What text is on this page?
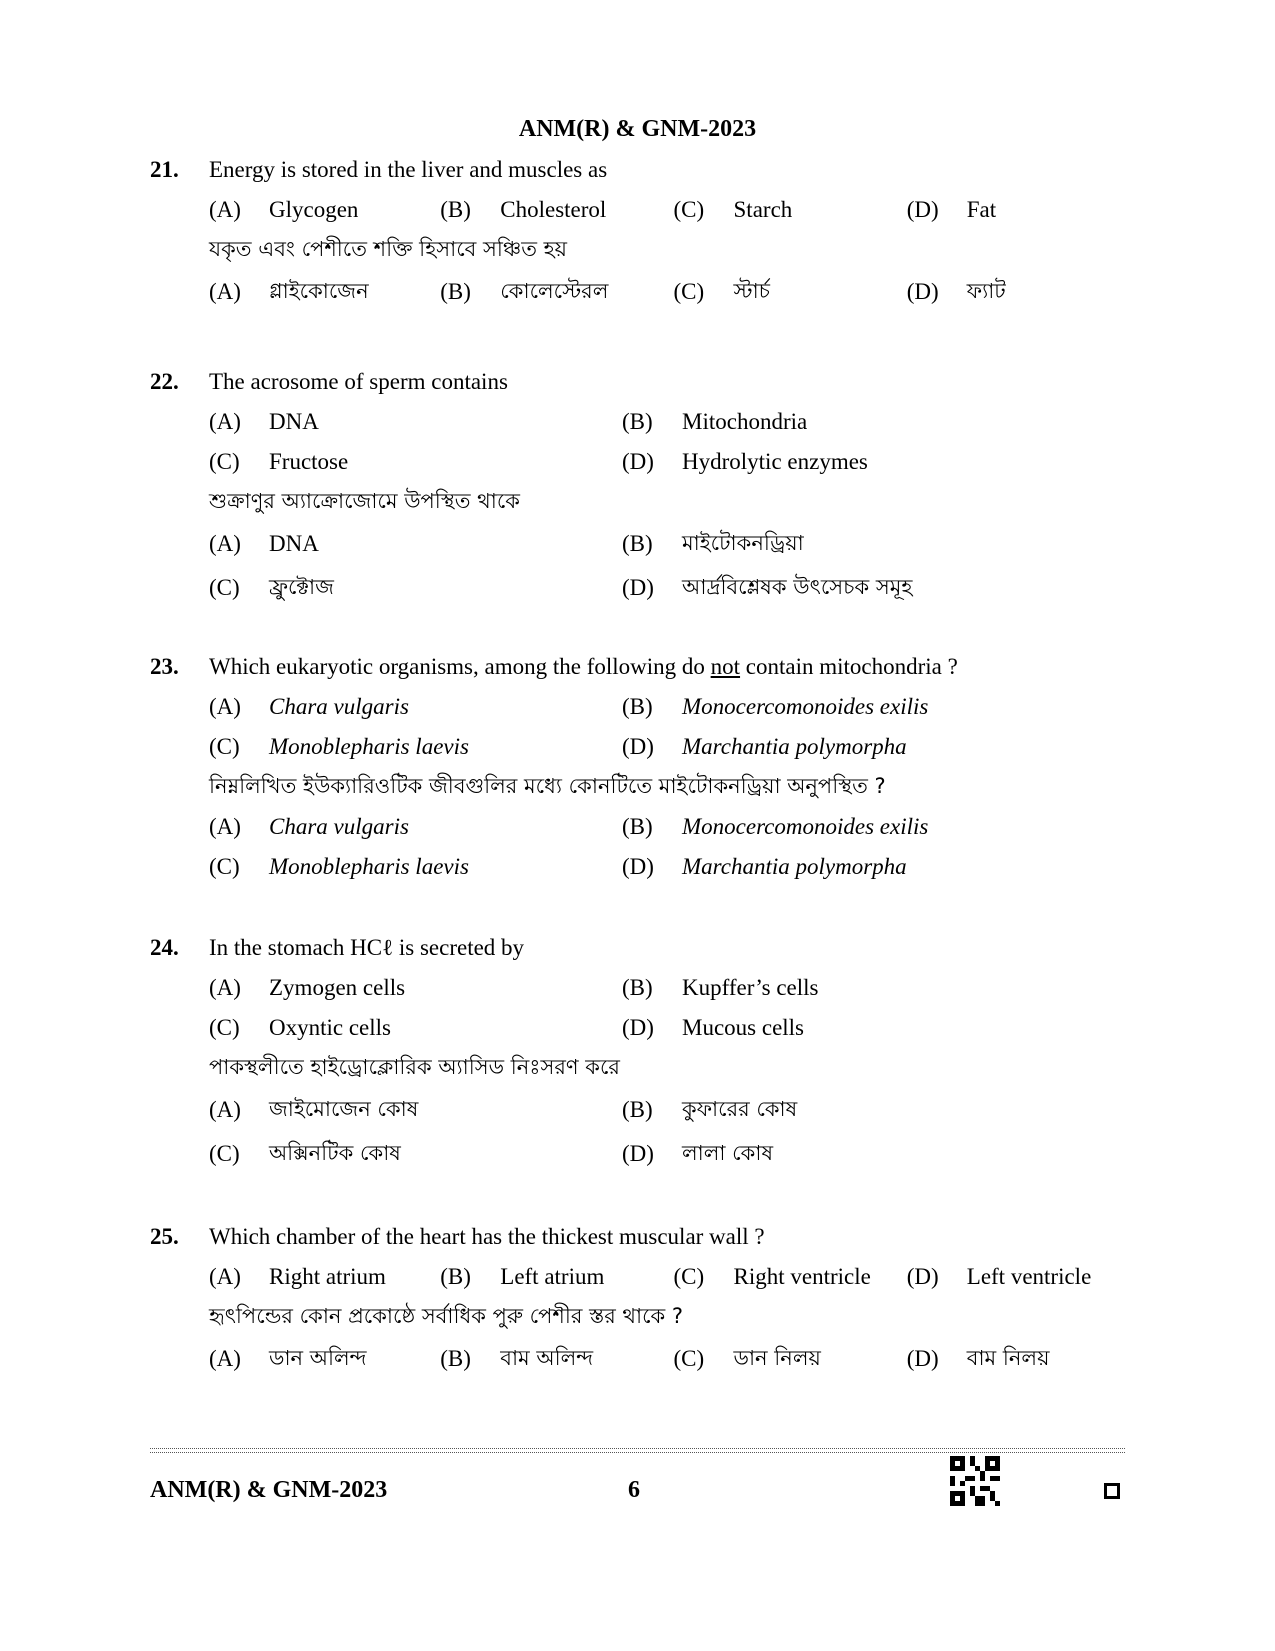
ANM(R) & GNM-2023
21.	Energy is stored in the liver and muscles as
(A)	Glycogen	(B)	Cholesterol	(C)	Starch	(D)	Fat
যকৃত এবং পেশীতে শক্তি হিসাবে সঞ্চিত হয়
(A)	গ্লাইকোজেন	(B)	কোলেস্টেরল	(C)	স্টার্চ	(D)	ফ্যাট
22.	The acrosome of sperm contains
(A)	DNA	(B)	Mitochondria
(C)	Fructose	(D)	Hydrolytic enzymes
শুক্রাণুর অ্যাক্রোজোমে উপস্থিত থাকে
(A)	DNA	(B)	মাইটোকনড্রিয়া
(C)	ফ্রুক্টোজ	(D)	আর্দ্রবিশ্লেষক উৎসেচক সমূহ
23.	Which eukaryotic organisms, among the following do not contain mitochondria ?
(A)	Chara vulgaris	(B)	Monocercomonoides exilis
(C)	Monoblepharis laevis	(D)	Marchantia polymorpha
নিম্নলিখিত ইউক্যারিওটিক জীবগুলির মধ্যে কোনটিতে মাইটোকনড্রিয়া অনুপস্থিত ?
(A)	Chara vulgaris	(B)	Monocercomonoides exilis
(C)	Monoblepharis laevis	(D)	Marchantia polymorpha
24.	In the stomach HCℓ is secreted by
(A)	Zymogen cells	(B)	Kupffer’s cells
(C)	Oxyntic cells	(D)	Mucous cells
পাকস্থলীতে হাইড্রোক্লোরিক অ্যাসিড নিঃসরণ করে
(A)	জাইমোজেন কোষ	(B)	কুফারের কোষ
(C)	অক্সিনটিক কোষ	(D)	লালা কোষ
25.	Which chamber of the heart has the thickest muscular wall ?
(A)	Right atrium (B)	Left atrium	(C)	Right ventricle (D)	Left ventricle
হৃৎপিন্ডের কোন প্রকোষ্ঠে সর্বাধিক পুরু পেশীর স্তর থাকে ?
(A)	ডান অলিন্দ	(B)	বাম অলিন্দ	(C)	ডান নিলয়	(D)	বাম নিলয়
ANM(R) & GNM-2023	6
